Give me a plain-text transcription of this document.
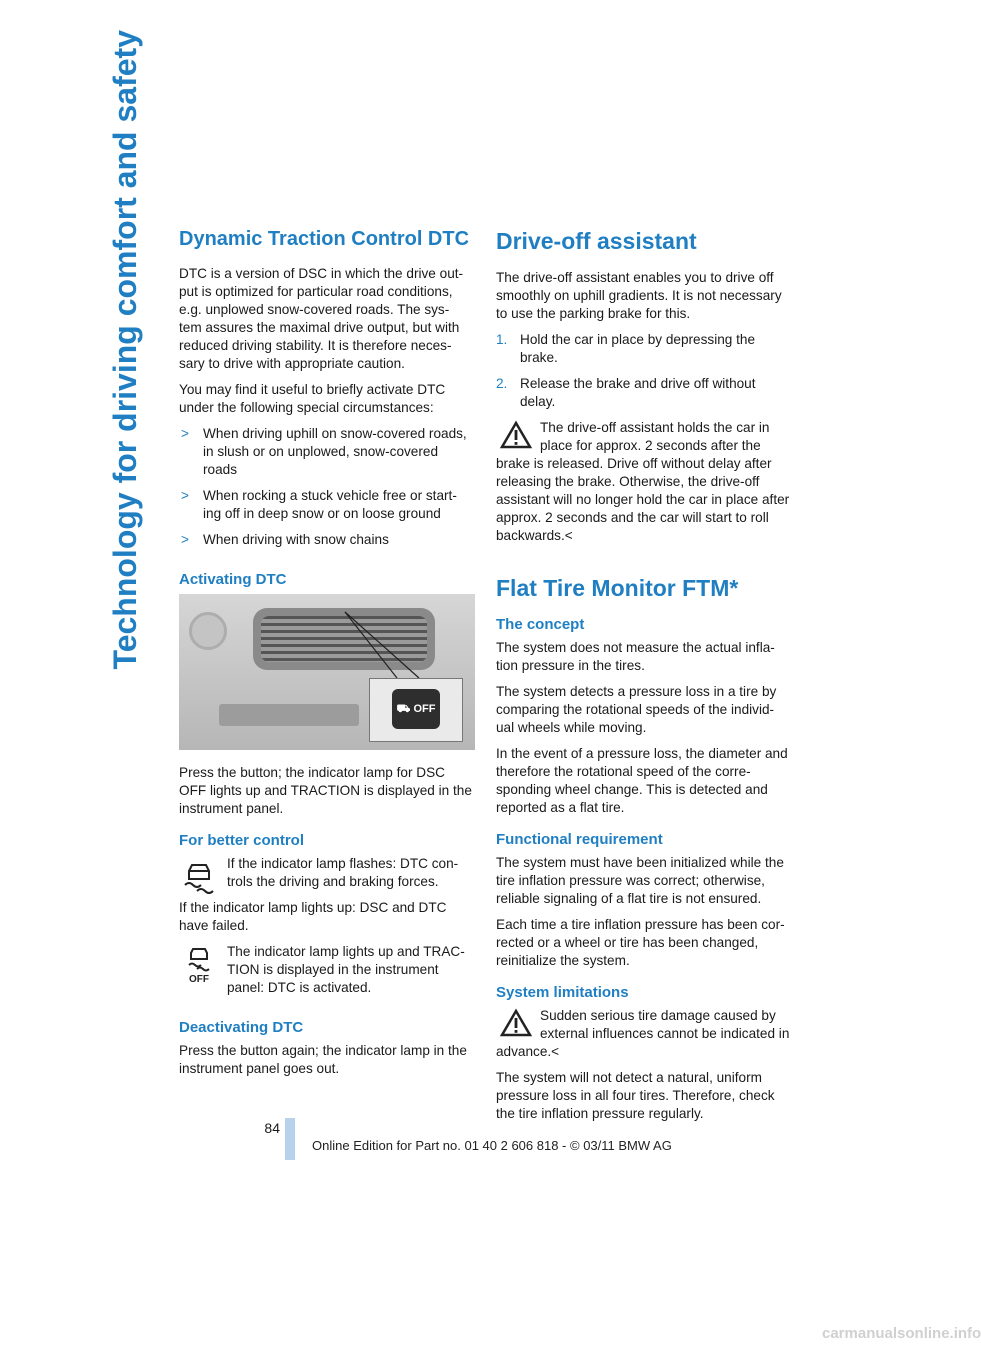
Technology for driving comfort and safety	Dynamic Traction Control DTC

DTC is a version of DSC in which the drive out- put is optimized for particular road conditions, e.g. unplowed snow-covered roads. The sys- tem assures the maximal drive output, but with reduced driving stability. It is therefore neces- sary to drive with appropriate caution.

You may find it useful to briefly activate DTC under the following special circumstances:

> When driving uphill on snow-covered roads, in slush or on unplowed, snow-covered roads
> When rocking a stuck vehicle free or start- ing off in deep snow or on loose ground
> When driving with snow chains
Activating DTC
⛟ OFF

Press the button; the indicator lamp for DSC OFF lights up and TRACTION is displayed in the instrument panel.

For better control

If the indicator lamp flashes: DTC con- trols the driving and braking forces.

If the indicator lamp lights up: DSC and DTC have failed.

OFF

The indicator lamp lights up and TRAC- TION is displayed in the instrument panel: DTC is activated.

Deactivating DTC

Press the button again; the indicator lamp in the instrument panel goes out.

Drive-off assistant

The drive-off assistant enables you to drive off smoothly on uphill gradients. It is not necessary to use the parking brake for this.

1. Hold the car in place by depressing the brake.
2. Release the brake and drive off without delay.

The drive-off assistant holds the car in place for approx. 2 seconds after the brake is released. Drive off without delay after releasing the brake. Otherwise, the drive-off assistant will no longer hold the car in place after approx. 2 seconds and the car will start to roll backwards.<

Flat Tire Monitor FTM*
The concept

The system does not measure the actual infla- tion pressure in the tires.

The system detects a pressure loss in a tire by comparing the rotational speeds of the individ- ual wheels while moving.

In the event of a pressure loss, the diameter and therefore the rotational speed of the corre- sponding wheel change. This is detected and reported as a flat tire.

Functional requirement

The system must have been initialized while the tire inflation pressure was correct; otherwise, reliable signaling of a flat tire is not ensured.

Each time a tire inflation pressure has been cor- rected or a wheel or tire has been changed, reinitialize the system.

System limitations

Sudden serious tire damage caused by external influences cannot be indicated in advance.<

The system will not detect a natural, uniform pressure loss in all four tires. Therefore, check the tire inflation pressure regularly.

84
Online Edition for Part no. 01 40 2 606 818 - © 03/11 BMW AG
carmanualsonline.info
